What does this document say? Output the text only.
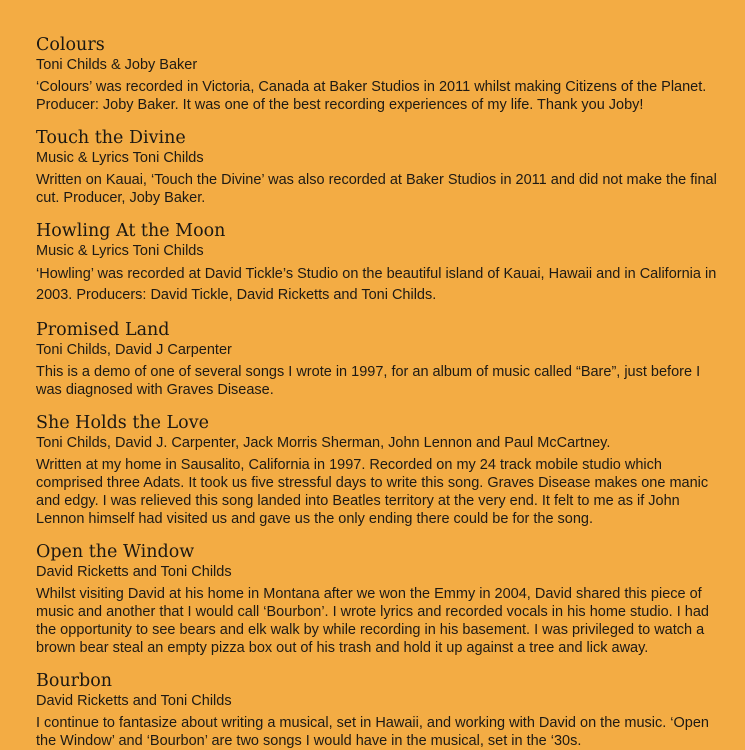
Colours

Toni Childs & Joby Baker

‘Colours’ was recorded in Victoria, Canada at Baker Studios in 2011 whilst making Citizens of the Planet. Producer: Joby Baker. It was one of the best recording experiences of my life. Thank you Joby!

Touch the Divine

Music & Lyrics Toni Childs

Written on Kauai, ‘Touch the Divine’ was also recorded at Baker Studios in 2011 and did not make the final cut. Producer, Joby Baker.

Howling At the Moon

Music & Lyrics Toni Childs

‘Howling’ was recorded at David Tickle’s Studio on the beautiful island of Kauai, Hawaii and in California in 2003. Producers: David Tickle, David Ricketts and Toni Childs.

Promised Land

Toni Childs, David J Carpenter

This is a demo of one of several songs I wrote in 1997, for an album of music called “Bare”, just before I was diagnosed with Graves Disease.

She Holds the Love

Toni Childs, David J. Carpenter, Jack Morris Sherman, John Lennon and Paul McCartney.

Written at my home in Sausalito, California in 1997. Recorded on my 24 track mobile studio which comprised three Adats. It took us five stressful days to write this song. Graves Disease makes one manic and edgy. I was relieved this song landed into Beatles territory at the very end. It felt to me as if John Lennon himself had visited us and gave us the only ending there could be for the song.

Open the Window

David Ricketts and Toni Childs

Whilst visiting David at his home in Montana after we won the Emmy in 2004, David shared this piece of music and another that I would call ‘Bourbon’. I wrote lyrics and recorded vocals in his home studio. I had the opportunity to see bears and elk walk by while recording in his basement. I was privileged to watch a brown bear steal an empty pizza box out of his trash and hold it up against a tree and lick away.

Bourbon

David Ricketts and Toni Childs

I continue to fantasize about writing a musical, set in Hawaii, and working with David on the music. ‘Open the Window’ and ‘Bourbon’ are two songs I would have in the musical, set in the ‘30s.
